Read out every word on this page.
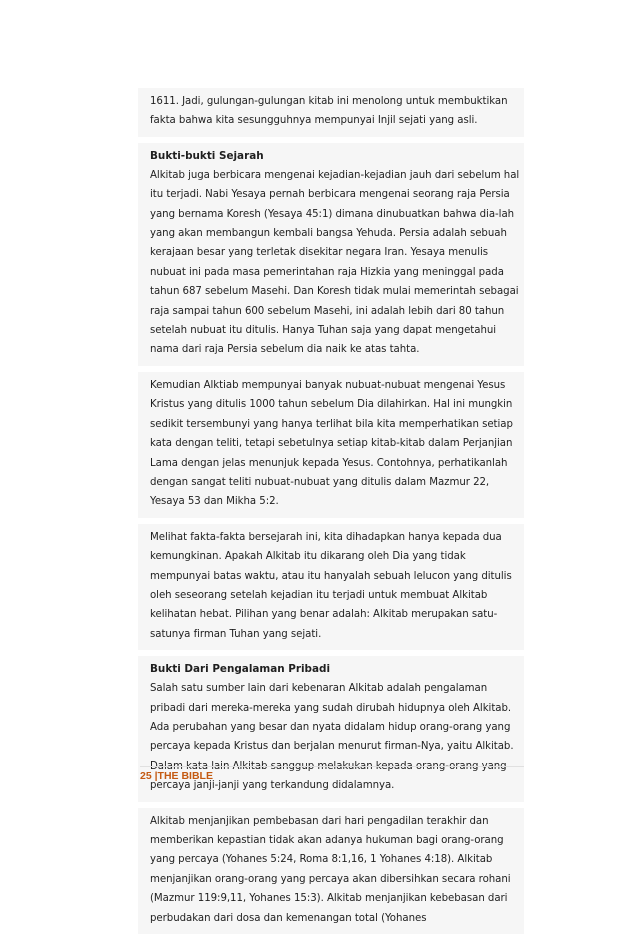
1611. Jadi, gulungan-gulungan kitab ini menolong untuk membuktikan fakta bahwa kita sesungguhnya mempunyai Injil sejati yang asli.

Bukti-bukti Sejarah

Alkitab juga berbicara mengenai kejadian-kejadian jauh dari sebelum hal itu terjadi. Nabi Yesaya pernah berbicara mengenai seorang raja Persia yang bernama Koresh (Yesaya 45:1) dimana dinubuatkan bahwa dia-lah yang akan membangun kembali bangsa Yehuda. Persia adalah sebuah kerajaan besar yang terletak disekitar negara Iran. Yesaya menulis nubuat ini pada masa pemerintahan raja Hizkia yang meninggal pada tahun 687 sebelum Masehi. Dan Koresh tidak mulai memerintah sebagai raja sampai tahun 600 sebelum Masehi, ini adalah lebih dari 80 tahun setelah nubuat itu ditulis. Hanya Tuhan saja yang dapat mengetahui nama dari raja Persia sebelum dia naik ke atas tahta.

Kemudian Alktiab mempunyai banyak nubuat-nubuat mengenai Yesus Kristus yang ditulis 1000 tahun sebelum Dia dilahirkan. Hal ini mungkin sedikit tersembunyi yang hanya terlihat bila kita memperhatikan setiap kata dengan teliti, tetapi sebetulnya setiap kitab-kitab dalam Perjanjian Lama dengan jelas menunjuk kepada Yesus. Contohnya, perhatikanlah dengan sangat teliti nubuat-nubuat yang ditulis dalam Mazmur 22, Yesaya 53 dan Mikha 5:2.

Melihat fakta-fakta bersejarah ini, kita dihadapkan hanya kepada dua kemungkinan. Apakah Alkitab itu dikarang oleh Dia yang tidak mempunyai batas waktu, atau itu hanyalah sebuah lelucon yang ditulis oleh seseorang setelah kejadian itu terjadi untuk membuat Alkitab kelihatan hebat. Pilihan yang benar adalah: Alkitab merupakan satu-satunya firman Tuhan yang sejati.

Bukti Dari Pengalaman Pribadi

Salah satu sumber lain dari kebenaran Alkitab adalah pengalaman pribadi dari mereka-mereka yang sudah dirubah hidupnya oleh Alkitab. Ada perubahan yang besar dan nyata didalam hidup orang-orang yang percaya kepada Kristus dan berjalan menurut firman-Nya, yaitu Alkitab. Dalam kata lain Alkitab sanggup melakukan kepada orang-orang yang percaya janji-janji yang terkandung didalamnya.

Alkitab menjanjikan pembebasan dari hari pengadilan terakhir dan memberikan kepastian tidak akan adanya hukuman bagi orang-orang yang percaya (Yohanes 5:24, Roma 8:1,16, 1 Yohanes 4:18). Alkitab menjanjikan orang-orang yang percaya akan dibersihkan secara rohani (Mazmur 119:9,11, Yohanes 15:3). Alkitab menjanjikan kebebasan dari perbudakan dari dosa dan kemenangan total (Yohanes

25 |THE BIBLE
